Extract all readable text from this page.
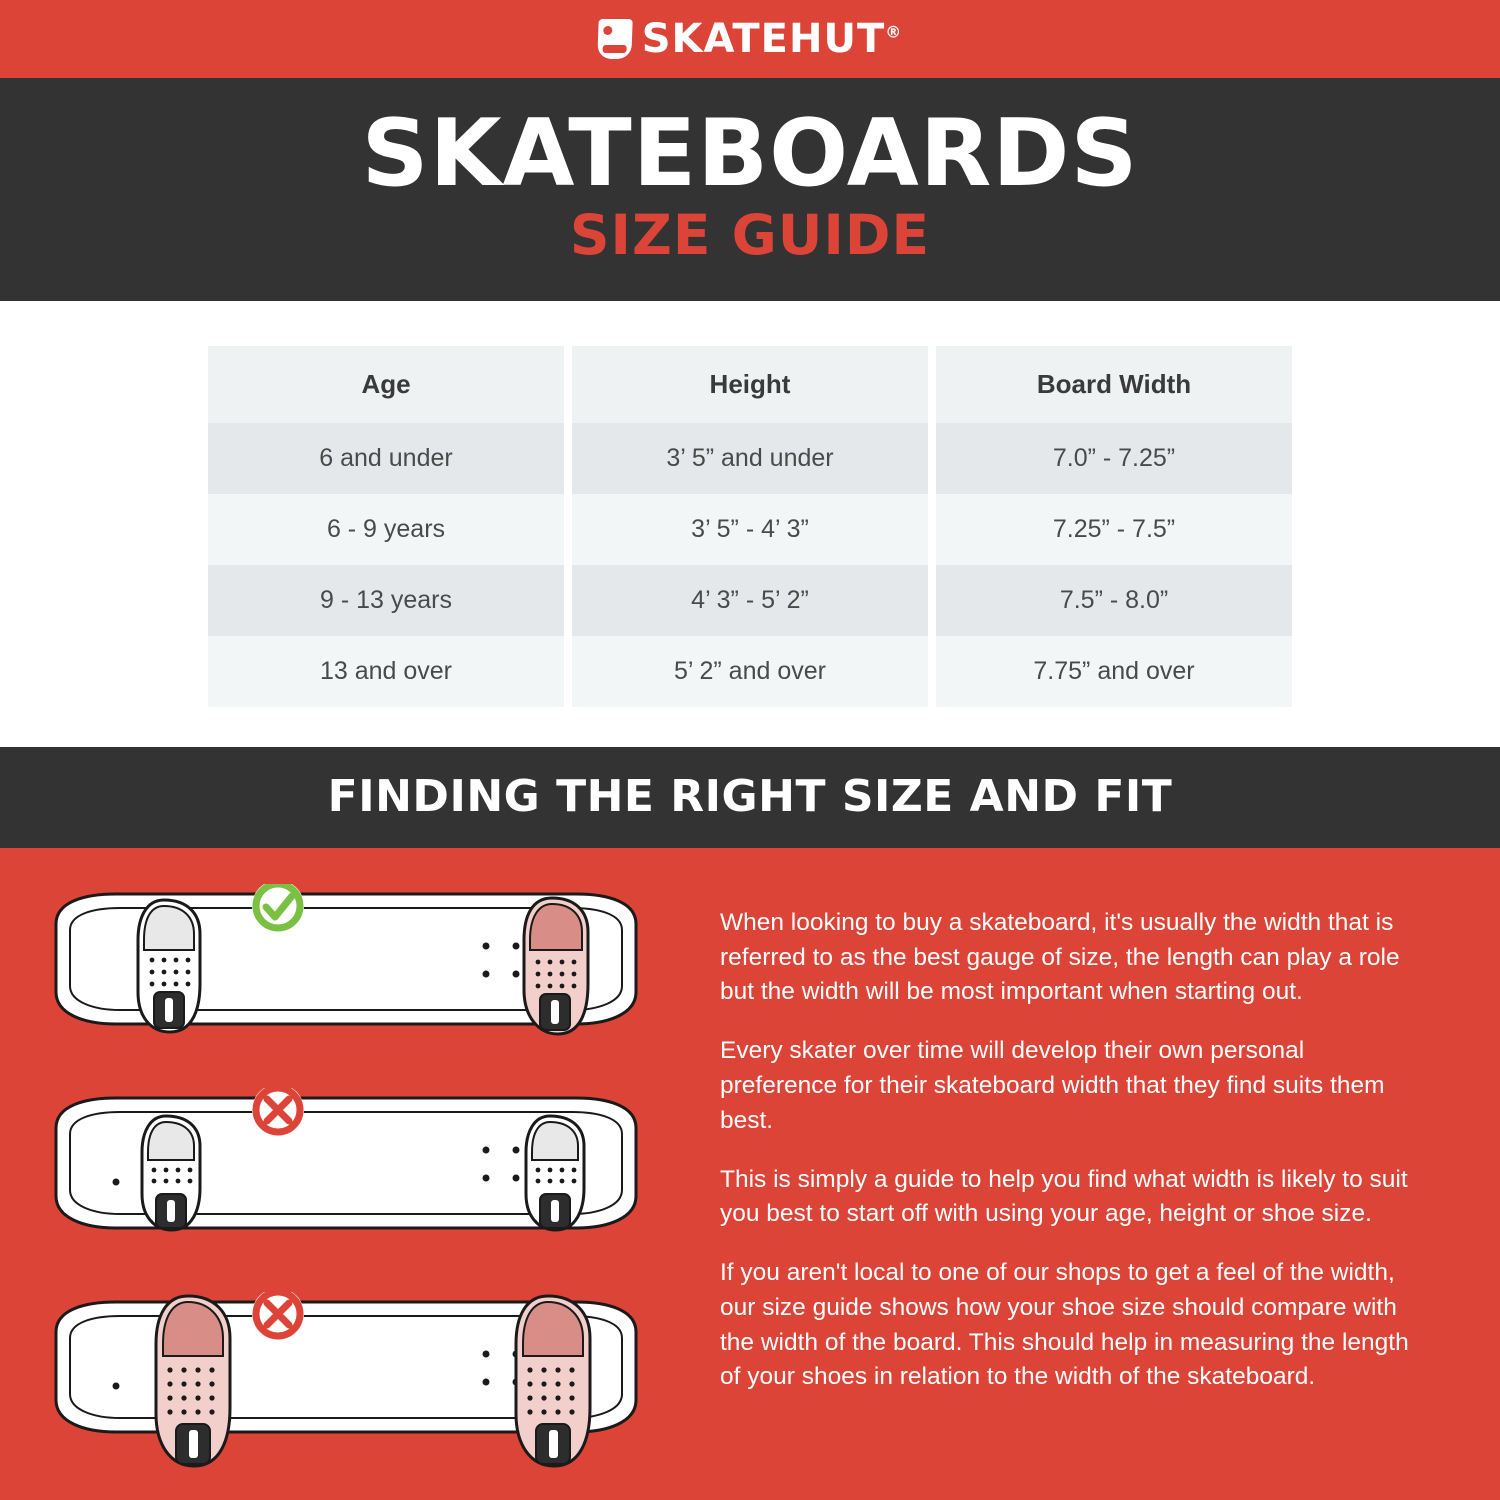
SKATEHUT®
SKATEBOARDS
SIZE GUIDE
Age	Height	Board Width
6 and under	3’ 5” and under	7.0” - 7.25”
6 - 9 years	3’ 5” - 4’ 3”	7.25” - 7.5”
9 - 13 years	4’ 3” - 5’ 2”	7.5” - 8.0”
13 and over	5’ 2” and over	7.75” and over
FINDING THE RIGHT SIZE AND FIT

When looking to buy a skateboard, it's usually the width that is referred to as the best gauge of size, the length can play a role but the width will be most important when starting out.

Every skater over time will develop their own personal preference for their skateboard width that they find suits them best.

This is simply a guide to help you find what width is likely to suit you best to start off with using your age, height or shoe size.

If you aren't local to one of our shops to get a feel of the width, our size guide shows how your shoe size should compare with the width of the board. This should help in measuring the length of your shoes in relation to the width of the skateboard.
